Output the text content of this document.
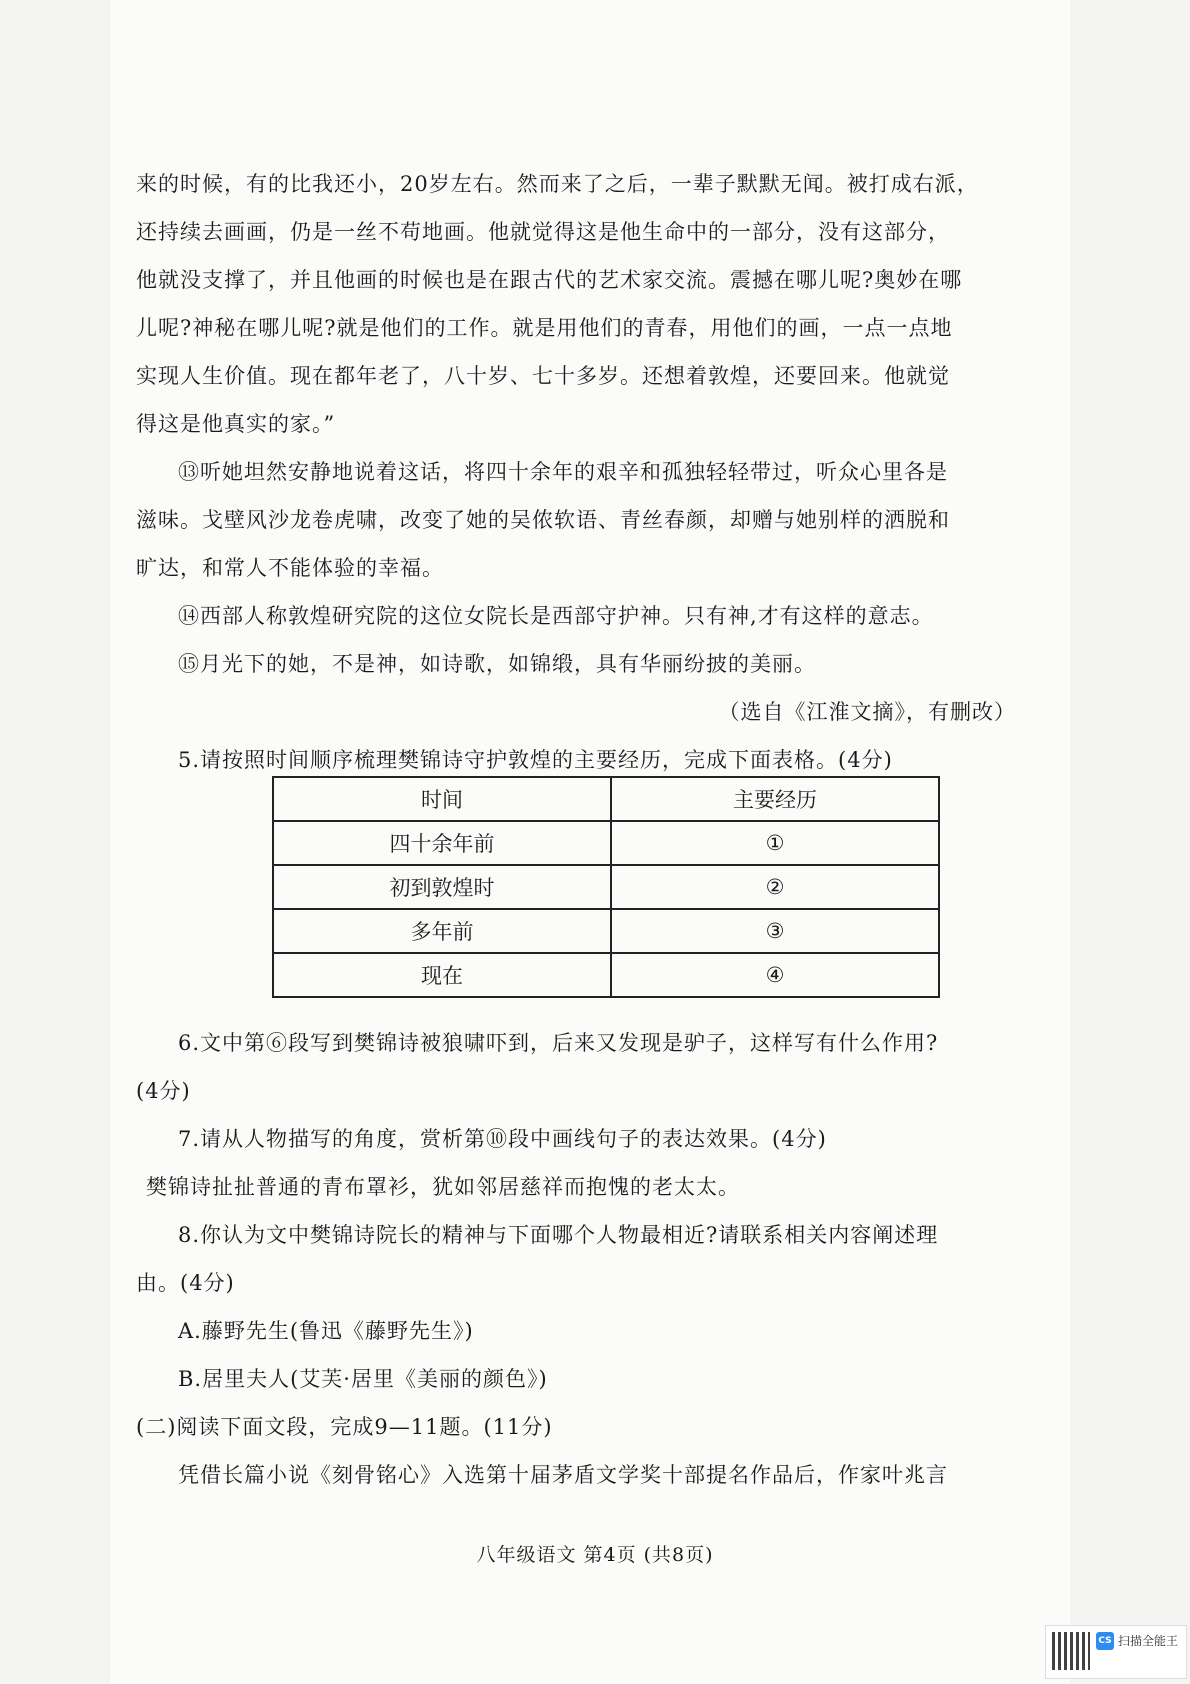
来的时候，有的比我还小，20岁左右。然而来了之后，一辈子默默无闻。被打成右派，
还持续去画画，仍是一丝不苟地画。他就觉得这是他生命中的一部分，没有这部分，
他就没支撑了，并且他画的时候也是在跟古代的艺术家交流。震撼在哪儿呢?奥妙在哪
儿呢?神秘在哪儿呢?就是他们的工作。就是用他们的青春，用他们的画，一点一点地
实现人生价值。现在都年老了，八十岁、七十多岁。还想着敦煌，还要回来。他就觉
得这是他真实的家。”
⑬听她坦然安静地说着这话，将四十余年的艰辛和孤独轻轻带过，听众心里各是
滋味。戈壁风沙龙卷虎啸，改变了她的吴侬软语、青丝春颜，却赠与她别样的洒脱和
旷达，和常人不能体验的幸福。
⑭西部人称敦煌研究院的这位女院长是西部守护神。只有神,才有这样的意志。
⑮月光下的她，不是神，如诗歌，如锦缎，具有华丽纷披的美丽。
（选自《江淮文摘》，有删改）
5.请按照时间顺序梳理樊锦诗守护敦煌的主要经历，完成下面表格。(4分)
6.文中第⑥段写到樊锦诗被狼啸吓到，后来又发现是驴子，这样写有什么作用?
(4分)
7.请从人物描写的角度，赏析第⑩段中画线句子的表达效果。(4分)
樊锦诗扯扯普通的青布罩衫，犹如邻居慈祥而抱愧的老太太。
8.你认为文中樊锦诗院长的精神与下面哪个人物最相近?请联系相关内容阐述理
由。(4分)
A.藤野先生(鲁迅《藤野先生》)
B.居里夫人(艾芙·居里《美丽的颜色》)
(二)阅读下面文段，完成9—11题。(11分)
凭借长篇小说《刻骨铭心》入选第十届茅盾文学奖十部提名作品后，作家叶兆言
时间	主要经历
四十余年前	①
初到敦煌时	②
多年前	③
现在	④
八年级语文 第4页 (共8页)
CS 扫描全能王
